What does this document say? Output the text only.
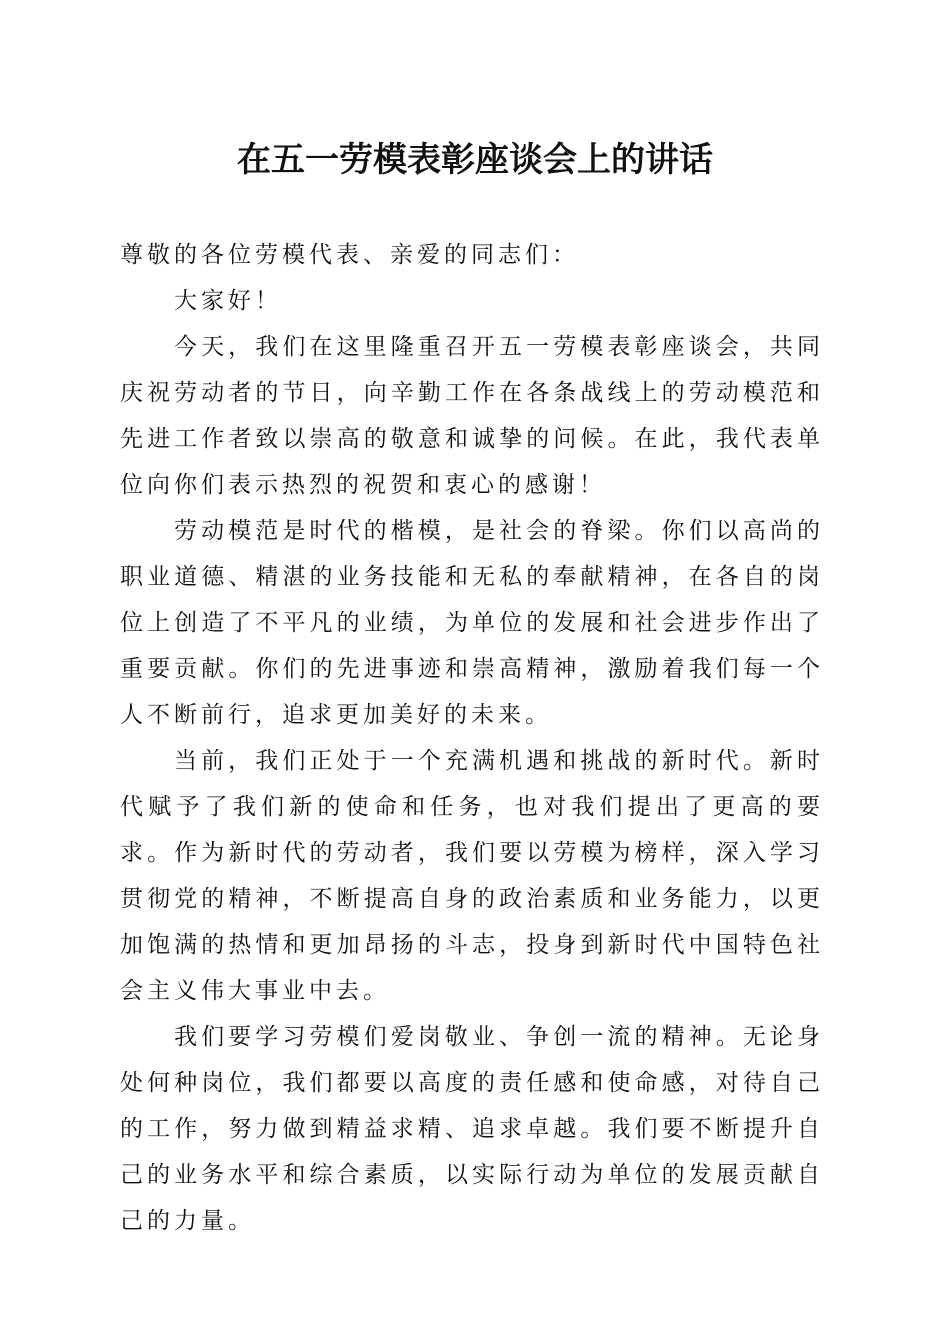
在五一劳模表彰座谈会上的讲话

尊敬的各位劳模代表、亲爱的同志们：

大家好！

今天，我们在这里隆重召开五一劳模表彰座谈会，共同庆祝劳动者的节日，向辛勤工作在各条战线上的劳动模范和先进工作者致以崇高的敬意和诚挚的问候。在此，我代表单位向你们表示热烈的祝贺和衷心的感谢！

劳动模范是时代的楷模，是社会的脊梁。你们以高尚的职业道德、精湛的业务技能和无私的奉献精神，在各自的岗位上创造了不平凡的业绩，为单位的发展和社会进步作出了重要贡献。你们的先进事迹和崇高精神，激励着我们每一个人不断前行，追求更加美好的未来。

当前，我们正处于一个充满机遇和挑战的新时代。新时代赋予了我们新的使命和任务，也对我们提出了更高的要求。作为新时代的劳动者，我们要以劳模为榜样，深入学习贯彻党的精神，不断提高自身的政治素质和业务能力，以更加饱满的热情和更加昂扬的斗志，投身到新时代中国特色社会主义伟大事业中去。

我们要学习劳模们爱岗敬业、争创一流的精神。无论身处何种岗位，我们都要以高度的责任感和使命感，对待自己的工作，努力做到精益求精、追求卓越。我们要不断提升自己的业务水平和综合素质，以实际行动为单位的发展贡献自己的力量。
